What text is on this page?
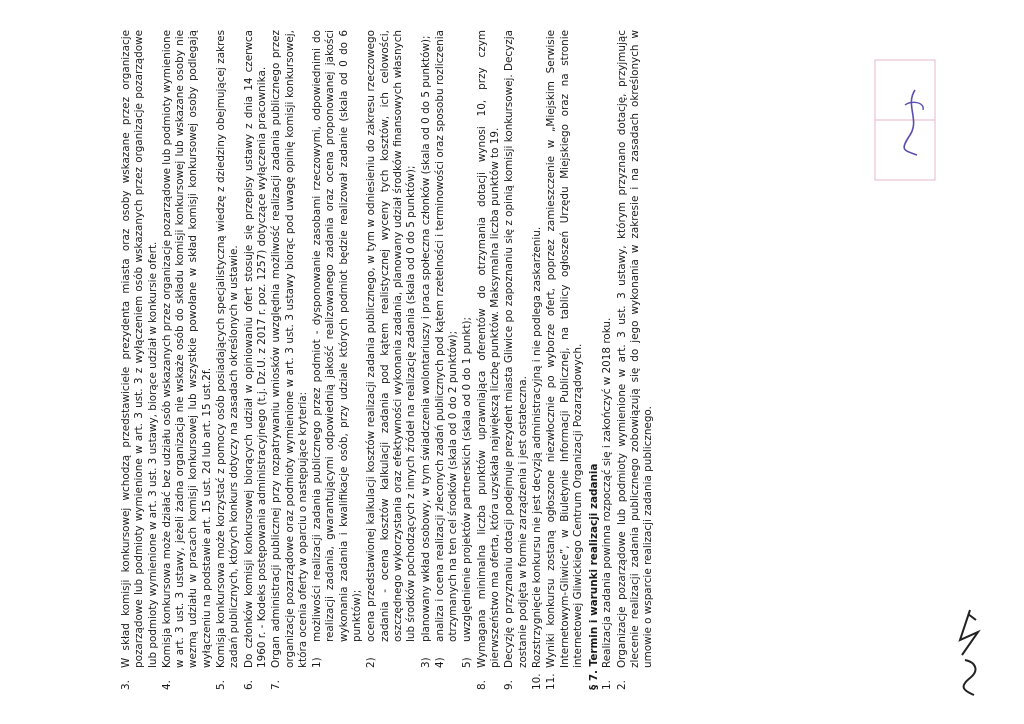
3.
W skład komisji konkursowej wchodzą przedstawiciele prezydenta miasta oraz osoby wskazane przez organizacje pozarządowe lub podmioty wymienione w art. 3 ust. 3 z wyłączeniem osób wskazanych przez organizacje pozarządowe lub podmioty wymienione w art. 3 ust. 3 ustawy, biorące udział w konkursie ofert.
4.
Komisja konkursowa może działać bez udziału osób wskazanych przez organizacje pozarządowe lub podmioty wymienione w art. 3 ust. 3 ustawy, jeżeli żadna organizacja nie wskaże osób do składu komisji konkursowej lub wskazane osoby nie wezmą udziału w pracach komisji konkursowej lub wszystkie powołane w skład komisji konkursowej osoby podlegają wyłączeniu na podstawie art. 15 ust. 2d lub art. 15 ust.2f.
5.
Komisja konkursowa może korzystać z pomocy osób posiadających specjalistyczną wiedzę z dziedziny obejmującej zakres zadań publicznych, których konkurs dotyczy na zasadach określonych w ustawie.
6.
Do członków komisji konkursowej biorących udział w opiniowaniu ofert stosuje się przepisy ustawy z dnia 14 czerwca 1960 r. - Kodeks postępowania administracyjnego (t.j. Dz.U. z 2017 r. poz. 1257) dotyczące wyłączenia pracownika.
7.
Organ administracji publicznej przy rozpatrywaniu wniosków uwzględnia możliwość realizacji zadania publicznego przez organizacje pozarządowe oraz podmioty wymienione w art. 3 ust. 3 ustawy biorąc pod uwagę opinię komisji konkursowej, która ocenia oferty w oparciu o następujące kryteria: 1)
możliwości realizacji zadania publicznego przez podmiot - dysponowanie zasobami rzeczowymi, odpowiednimi do realizacji zadania, gwarantującymi odpowiednią jakość realizowanego zadania oraz ocena proponowanej jakości wykonania zadania i kwalifikacje osób, przy udziale których podmiot będzie realizował zadanie (skala od 0 do 6 punktów);
2)
ocena przedstawionej kalkulacji kosztów realizacji zadania publicznego, w tym w odniesieniu do zakresu rzeczowego zadania - ocena kosztów kalkulacji zadania pod kątem realistycznej wyceny tych kosztów, ich celowości, oszczędnego wykorzystania oraz efektywności wykonania zadania, planowany udział środków finansowych własnych lub środków pochodzących z innych źródeł na realizację zadania (skala od 0 do 5 punktów);
3)
planowany wkład osobowy, w tym świadczenia wolontariuszy i praca społeczna członków (skala od 0 do 5 punktów);
4)
analiza i ocena realizacji zleconych zadań publicznych pod kątem rzetelności i terminowości oraz sposobu rozliczenia otrzymanych na ten cel środków (skala od 0 do 2 punktów);
5)
uwzględnienie projektów partnerskich (skala od 0 do 1 punkt);
8.
Wymagana minimalna liczba punktów uprawniająca oferentów do otrzymania dotacji wynosi 10, przy czym pierwszeństwo ma oferta, która uzyskała największą liczbę punktów. Maksymalna liczba punktów to 19.
9.
Decyzję o przyznaniu dotacji podejmuje prezydent miasta Gliwice po zapoznaniu się z opinią komisji konkursowej. Decyzja zostanie podjęta w formie zarządzenia i jest ostateczna.
10.
Rozstrzygnięcie konkursu nie jest decyzją administracyjną i nie podlega zaskarżeniu.
11.
Wyniki konkursu zostaną ogłoszone niezwłocznie po wyborze ofert, poprzez zamieszczenie w „Miejskim Serwisie Internetowym-Gliwice”, w Biuletynie Informacji Publicznej, na tablicy ogłoszeń Urzędu Miejskiego oraz na stronie internetowej Gliwickiego Centrum Organizacji Pozarządowych. § 7. Termin i warunki realizacji zadania 1.
Realizacja zadania powinna rozpocząć się i zakończyć w 2018 roku.
2.
Organizacje pozarządowe lub podmioty wymienione w art. 3 ust. 3 ustawy, którym przyznano dotację, przyjmując zlecenie realizacji zadania publicznego zobowiązują się do jego wykonania w zakresie i na zasadach określonych w umowie o wsparcie realizacji zadania publicznego.
